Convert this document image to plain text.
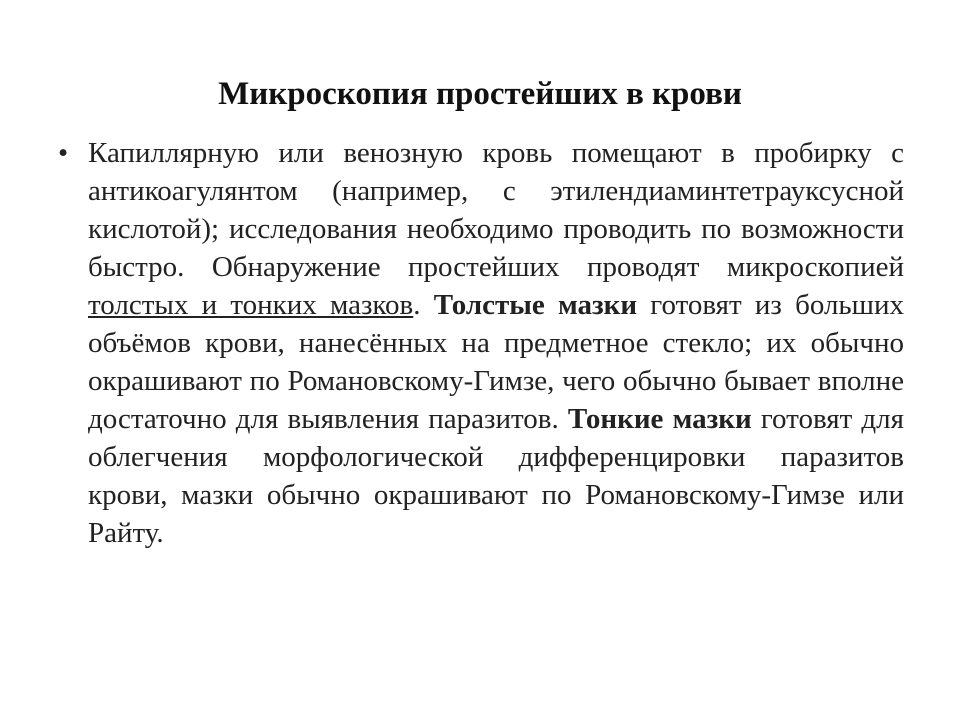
Микроскопия простейших в крови
• Капиллярную или венозную кровь помещают в пробирку с антикоагулянтом (например, с этилендиаминтетрауксусной кислотой); исследования необходимо проводить по возможности быстро. Обнаружение простейших проводят микроскопией толстых и тонких мазков. Толстые мазки готовят из больших объёмов крови, нанесённых на предметное стекло; их обычно окрашивают по Романовскому-Гимзе, чего обычно бывает вполне достаточно для выявления паразитов. Тонкие мазки готовят для облегчения морфологической дифференцировки паразитов крови, мазки обычно окрашивают по Романовскому-Гимзе или Райту.
